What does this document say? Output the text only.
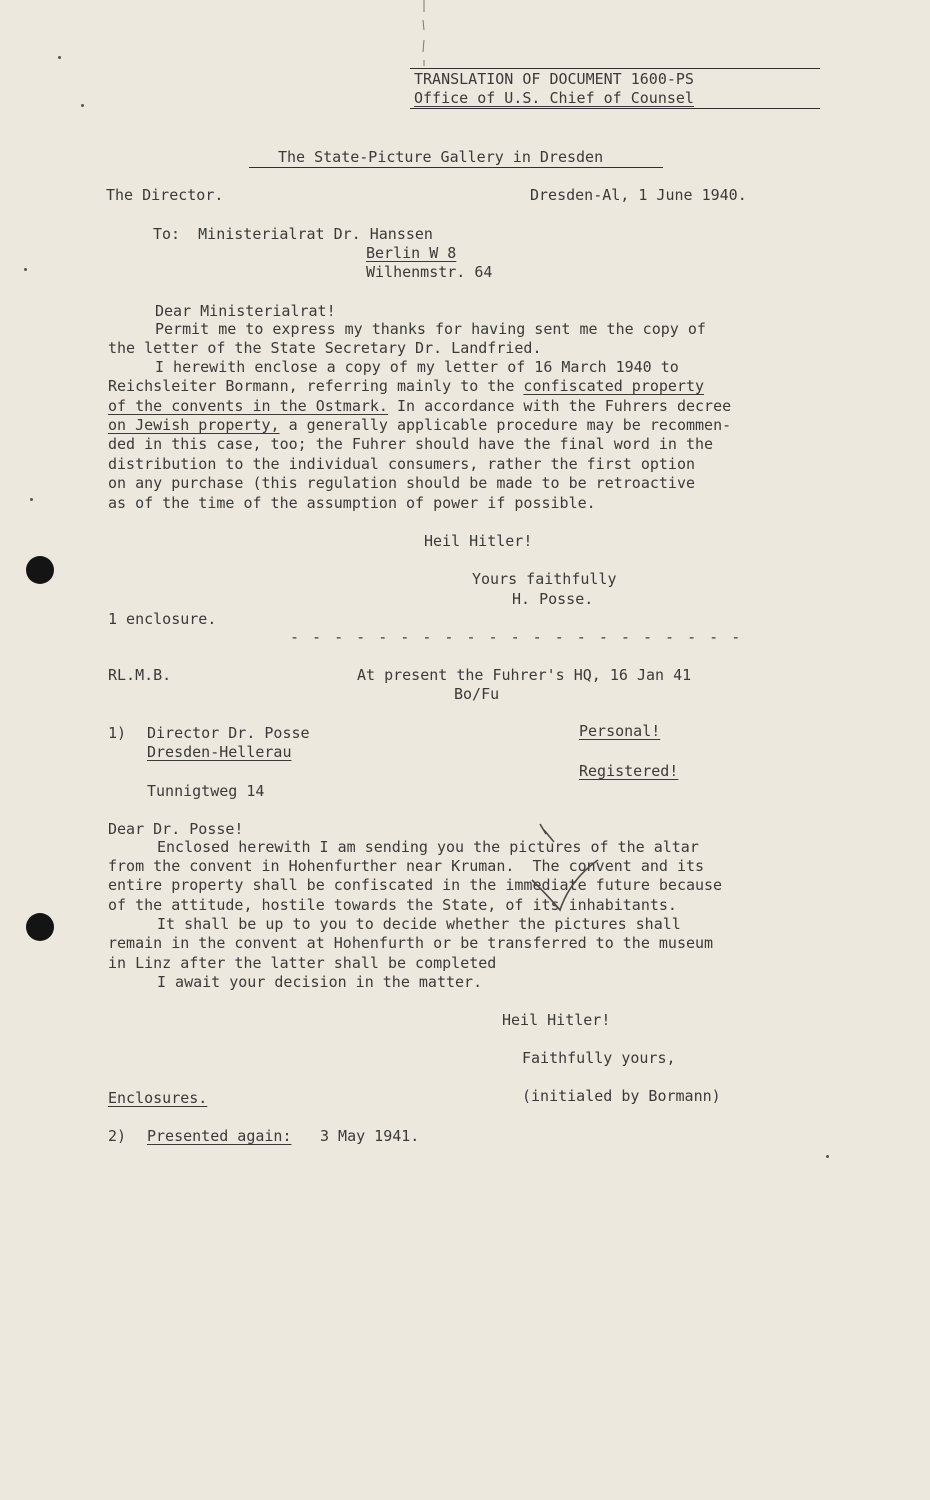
TRANSLATION OF DOCUMENT 1600-PS
Office of U.S. Chief of Counsel
The State-Picture Gallery in Dresden
The Director.	Dresden-Al, 1 June 1940.
To:  Ministerialrat Dr. Hanssen
Berlin W 8
Wilhenmstr. 64
Dear Ministerialrat!
Permit me to express my thanks for having sent me the copy of
the letter of the State Secretary Dr. Landfried.
I herewith enclose a copy of my letter of 16 March 1940 to
Reichsleiter Bormann, referring mainly to the confiscated property
of the convents in the Ostmark. In accordance with the Fuhrers decree
on Jewish property, a generally applicable procedure may be recommen-
ded in this case, too; the Fuhrer should have the final word in the
distribution to the individual consumers, rather the first option
on any purchase (this regulation should be made to be retroactive
as of the time of the assumption of power if possible.
Heil Hitler!
Yours faithfully
H. Posse.
1 enclosure.
- - - - - - - - - - - - - - - - - - - - -
RL.M.B.	At present the Fuhrer's HQ, 16 Jan 41
Bo/Fu
1) Director Dr. Posse
Dresden-Hellerau
Personal!
Registered!
Tunnigtweg 14
Dear Dr. Posse!
Enclosed herewith I am sending you the pictures of the altar
from the convent in Hohenfurther near Kruman.  The convent and its
entire property shall be confiscated in the immediate future because
of the attitude, hostile towards the State, of its inhabitants.
It shall be up to you to decide whether the pictures shall
remain in the convent at Hohenfurth or be transferred to the museum
in Linz after the latter shall be completed
I await your decision in the matter.
Heil Hitler!
Faithfully yours,
Enclosures.	(initialed by Bormann)
2) Presented again: 3 May 1941.
